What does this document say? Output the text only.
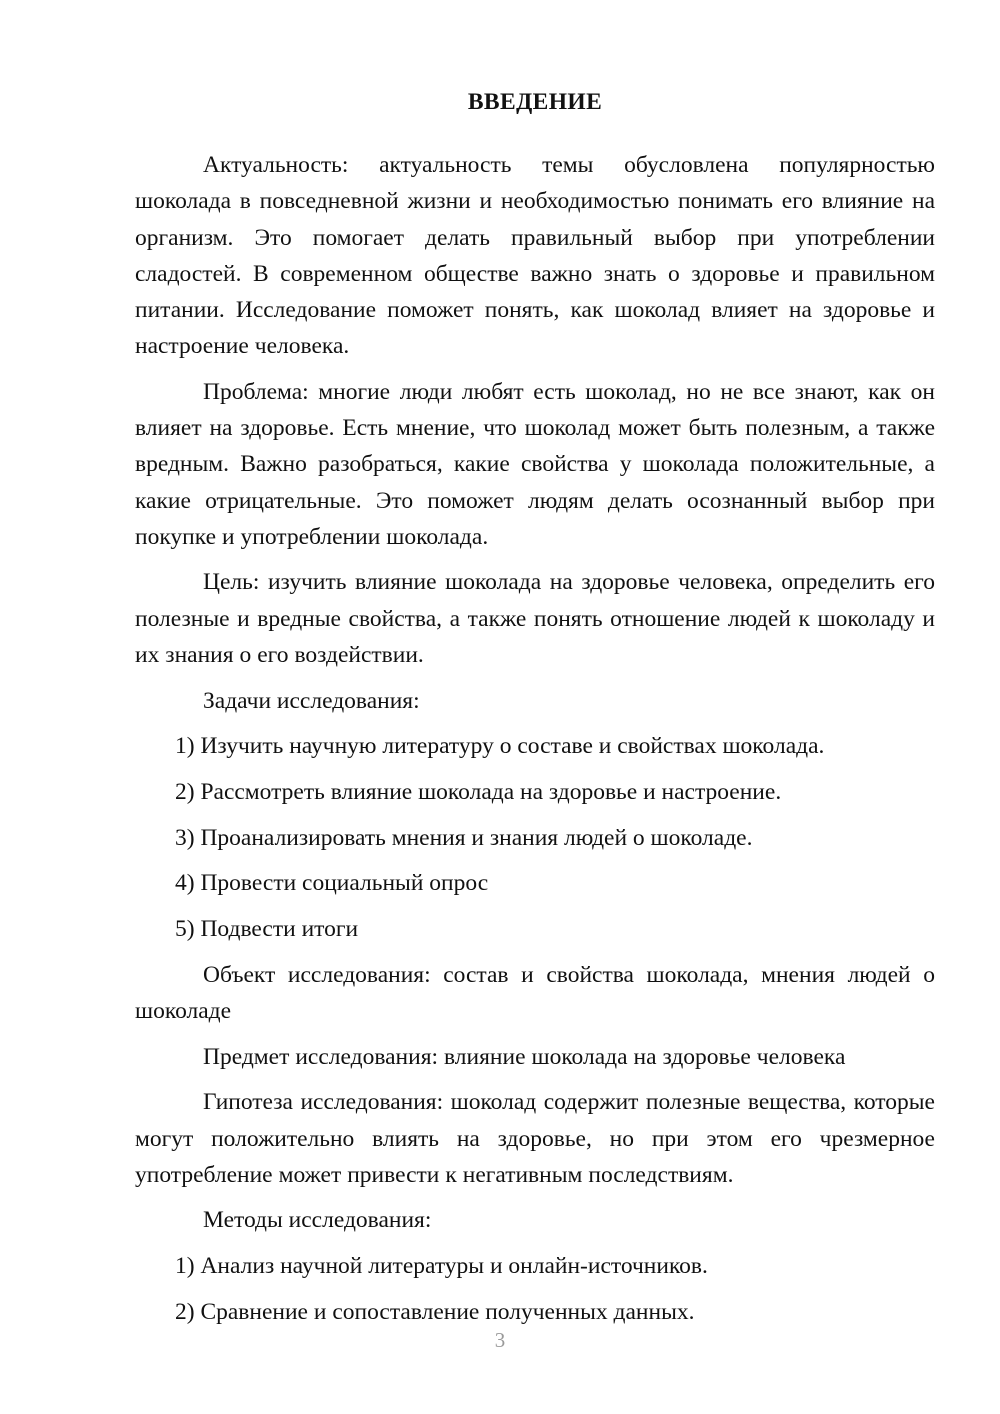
ВВЕДЕНИЕ

Актуальность: актуальность темы обусловлена популярностью шоколада в повседневной жизни и необходимостью понимать его влияние на организм. Это помогает делать правильный выбор при употреблении сладостей. В современном обществе важно знать о здоровье и правильном питании. Исследование поможет понять, как шоколад влияет на здоровье и настроение человека.

Проблема: многие люди любят есть шоколад, но не все знают, как он влияет на здоровье. Есть мнение, что шоколад может быть полезным, а также вредным. Важно разобраться, какие свойства у шоколада положительные, а какие отрицательные. Это поможет людям делать осознанный выбор при покупке и употреблении шоколада.

Цель: изучить влияние шоколада на здоровье человека, определить его полезные и вредные свойства, а также понять отношение людей к шоколаду и их знания о его воздействии.

Задачи исследования:

1) Изучить научную литературу о составе и свойствах шоколада.

2) Рассмотреть влияние шоколада на здоровье и настроение.

3) Проанализировать мнения и знания людей о шоколаде.

4) Провести социальный опрос

5) Подвести итоги

Объект исследования: состав и свойства шоколада, мнения людей о шоколаде

Предмет исследования: влияние шоколада на здоровье человека

Гипотеза исследования: шоколад содержит полезные вещества, которые могут положительно влиять на здоровье, но при этом его чрезмерное употребление может привести к негативным последствиям.

Методы исследования:

1) Анализ научной литературы и онлайн-источников.

2) Сравнение и сопоставление полученных данных.

3
